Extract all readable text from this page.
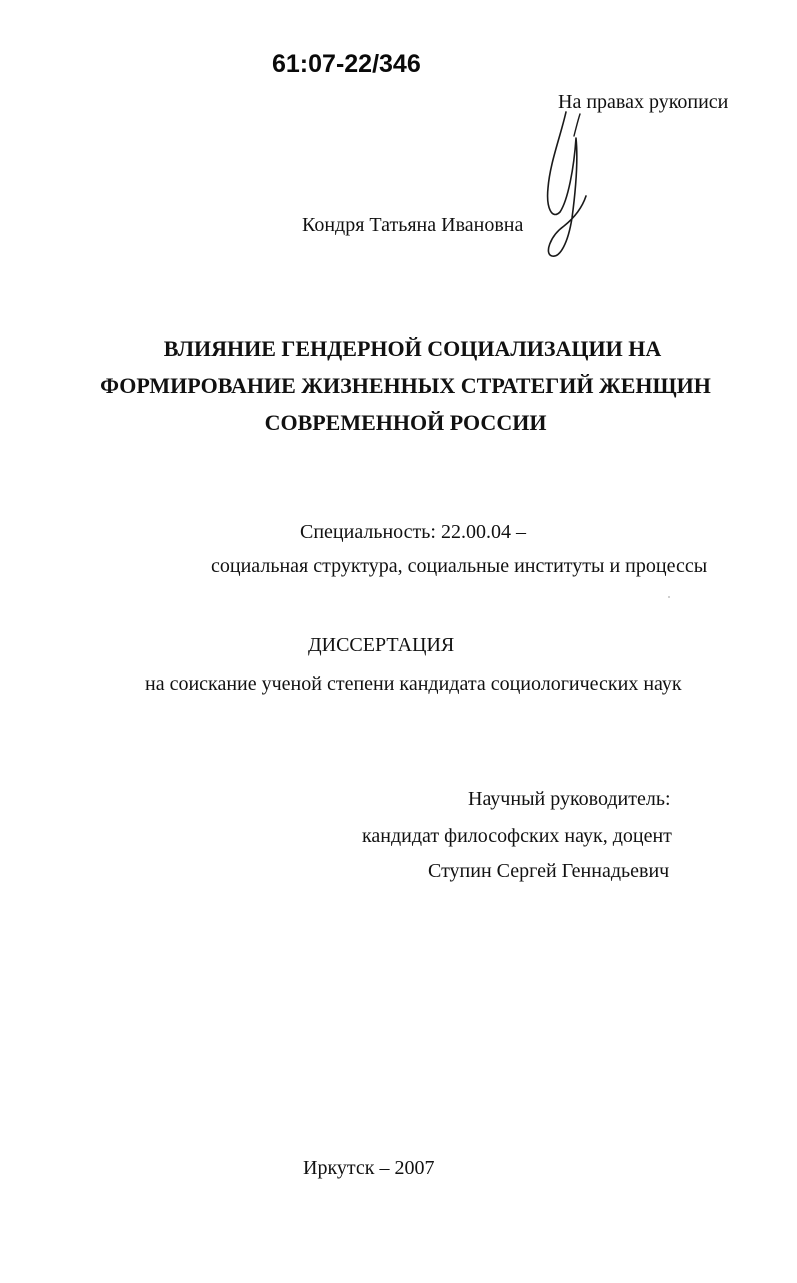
61:07-22/346
На правах рукописи
Кондря Татьяна Ивановна
ВЛИЯНИЕ ГЕНДЕРНОЙ СОЦИАЛИЗАЦИИ НА
ФОРМИРОВАНИЕ ЖИЗНЕННЫХ СТРАТЕГИЙ ЖЕНЩИН
СОВРЕМЕННОЙ РОССИИ
Специальность: 22.00.04 –
социальная структура, социальные институты и процессы
ДИССЕРТАЦИЯ
на соискание ученой степени кандидата социологических наук
Научный руководитель:
кандидат философских наук, доцент
Ступин Сергей Геннадьевич
Иркутск – 2007
